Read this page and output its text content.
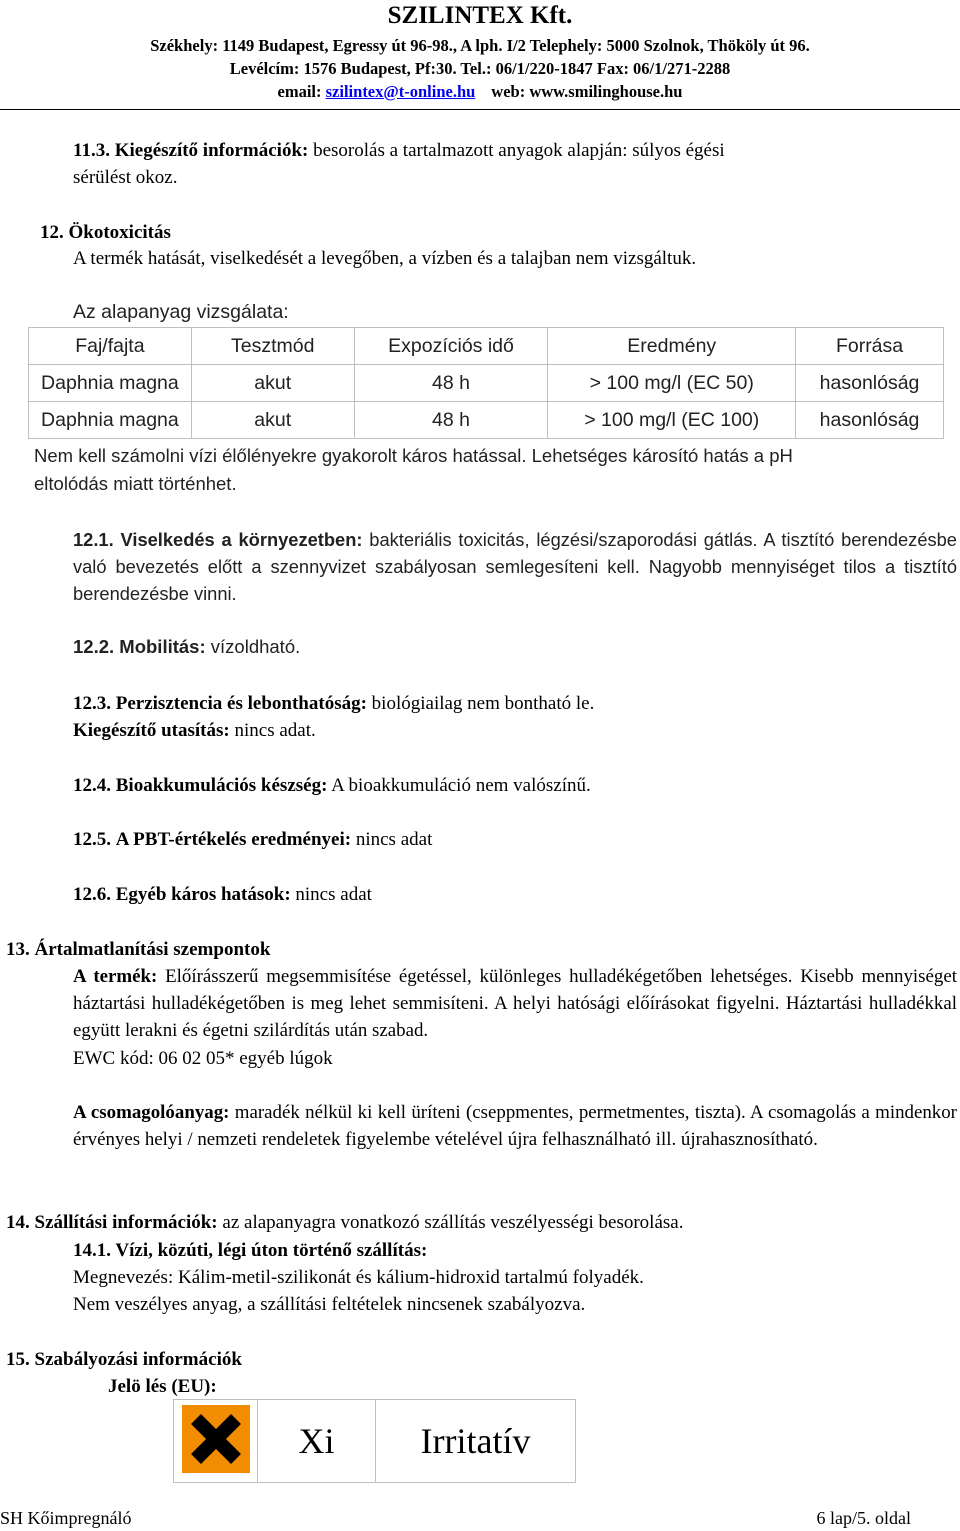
SZILINTEX Kft.
Székhely: 1149 Budapest, Egressy út 96-98., A lph. I/2 Telephely: 5000 Szolnok, Thököly út 96.
Levélcím: 1576 Budapest, Pf:30. Tel.: 06/1/220-1847 Fax: 06/1/271-2288
email: szilintex@t-online.hu web: www.smilinghouse.hu
11.3. Kiegészítő információk: besorolás a tartalmazott anyagok alapján: súlyos égési
sérülést okoz.
12. Ökotoxicitás
A termék hatását, viselkedését a levegőben, a vízben és a talajban nem vizsgáltuk.
Az alapanyag vizsgálata:
Faj/fajta	Tesztmód	Expozíciós idő	Eredmény	Forrása
Daphnia magna	akut	48 h	> 100 mg/l (EC 50)	hasonlóság
Daphnia magna	akut	48 h	> 100 mg/l (EC 100)	hasonlóság
Nem kell számolni vízi élőlényekre gyakorolt káros hatással. Lehetséges károsító hatás a pH
eltolódás miatt történhet.
12.1. Viselkedés a környezetben: bakteriális toxicitás, légzési/szaporodási gátlás. A tisztító berendezésbe való bevezetés előtt a szennyvizet szabályosan semlegesíteni kell. Nagyobb mennyiséget tilos a tisztító berendezésbe vinni.
12.2. Mobilitás: vízoldható.
12.3. Perzisztencia és lebonthatóság: biológiailag nem bontható le.
Kiegészítő utasítás: nincs adat.
12.4. Bioakkumulációs készség: A bioakkumuláció nem valószínű.
12.5. A PBT-értékelés eredményei: nincs adat
12.6. Egyéb káros hatások: nincs adat
13. Ártalmatlanítási szempontok
A termék: Előírásszerű megsemmisítése égetéssel, különleges hulladékégetőben lehetséges. Kisebb mennyiséget háztartási hulladékégetőben is meg lehet semmisíteni. A helyi hatósági előírásokat figyelni. Háztartási hulladékkal együtt lerakni és égetni szilárdítás után szabad.
EWC kód: 06 02 05* egyéb lúgok
A csomagolóanyag: maradék nélkül ki kell üríteni (cseppmentes, permetmentes, tiszta). A csomagolás a mindenkor érvényes helyi / nemzeti rendeletek figyelembe vételével újra felhasználható ill. újrahasznosítható.
14. Szállítási információk: az alapanyagra vonatkozó szállítás veszélyességi besorolása.
14.1. Vízi, közúti, légi úton történő szállítás:
Megnevezés: Kálim-metil-szilikonát és kálium-hidroxid tartalmú folyadék.
Nem veszélyes anyag, a szállítási feltételek nincsenek szabályozva.
15. Szabályozási információk
Jelö lés (EU):
	Xi	Irritatív
SH Kőimpregnáló	6 lap/5. oldal
